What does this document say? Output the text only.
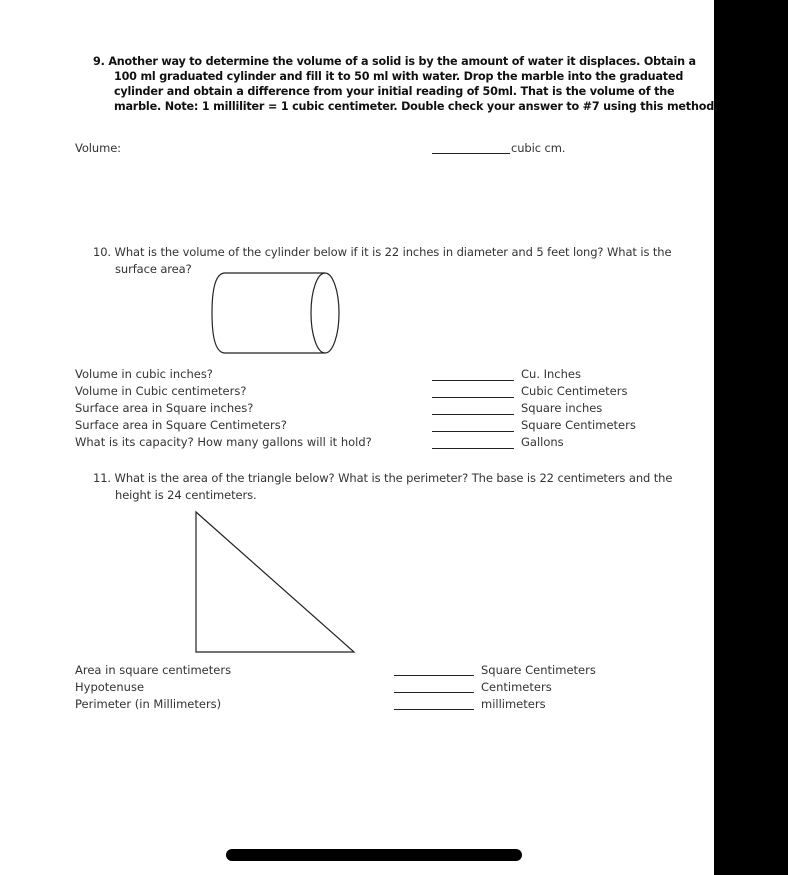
9. Another way to determine the volume of a solid is by the amount of water it displaces. Obtain a
100 ml graduated cylinder and fill it to 50 ml with water. Drop the marble into the graduated
cylinder and obtain a difference from your initial reading of 50ml. That is the volume of the
marble. Note: 1 milliliter = 1 cubic centimeter. Double check your answer to #7 using this method.
Volume:	cubic cm.
10. What is the volume of the cylinder below if it is 22 inches in diameter and 5 feet long? What is the
surface area?
Volume in cubic inches?
Volume in Cubic centimeters?
Surface area in Square inches?
Surface area in Square Centimeters?
What is its capacity? How many gallons will it hold?
Cu. Inches
Cubic Centimeters
Square inches
Square Centimeters
Gallons
11. What is the area of the triangle below? What is the perimeter? The base is 22 centimeters and the
height is 24 centimeters.
Area in square centimeters
Hypotenuse
Perimeter (in Millimeters)
Square Centimeters
Centimeters
millimeters
